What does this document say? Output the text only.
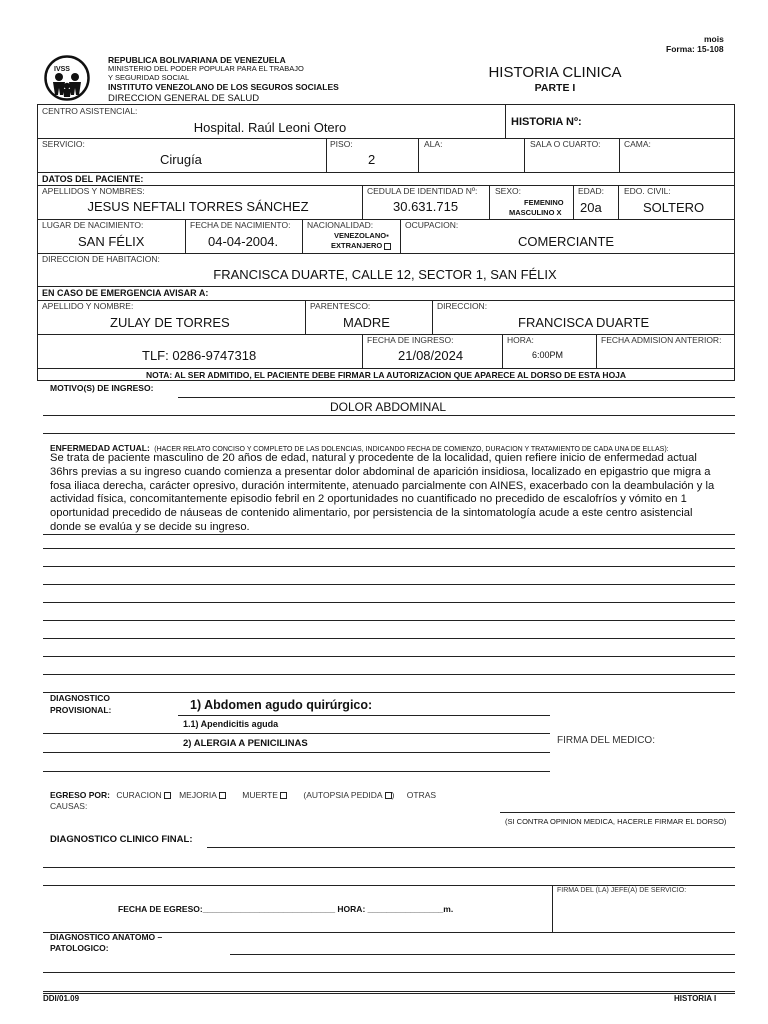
mois
Forma: 15-108
IVSS
REPUBLICA BOLIVARIANA DE VENEZUELA
MINISTERIO DEL PODER POPULAR PARA EL TRABAJO
Y SEGURIDAD SOCIAL
INSTITUTO VENEZOLANO DE LOS SEGUROS SOCIALES
DIRECCION GENERAL DE SALUD
HISTORIA CLINICA
PARTE I
CENTRO ASISTENCIAL:
Hospital. Raúl Leoni Otero	HISTORIA Nº:
SERVICIO:
Cirugía
PISO:
2
ALA:	SALA O CUARTO:	CAMA:
DATOS DEL PACIENTE:
APELLIDOS Y NOMBRES:
JESUS NEFTALI TORRES SÁNCHEZ
CEDULA DE IDENTIDAD Nº:
30.631.715
SEXO:
FEMENINO
MASCULINO X
EDAD:
20a
EDO. CIVIL:
SOLTERO
LUGAR DE NACIMIENTO:
SAN FÉLIX
FECHA DE NACIMIENTO:
04-04-2004.
NACIONALIDAD:
VENEZOLANO▪
EXTRANJERO
OCUPACION:
COMERCIANTE
DIRECCION DE HABITACION:
FRANCISCA DUARTE, CALLE 12, SECTOR 1, SAN FÉLIX
EN CASO DE EMERGENCIA AVISAR A:
APELLIDO Y NOMBRE:
ZULAY DE TORRES
PARENTESCO:
MADRE
DIRECCION:
FRANCISCA DUARTE
TLF: 0286-9747318
FECHA DE INGRESO:
21/08/2024
HORA:
6:00PM
FECHA ADMISION ANTERIOR:
NOTA: AL SER ADMITIDO, EL PACIENTE DEBE FIRMAR LA AUTORIZACION QUE APARECE AL DORSO DE ESTA HOJA
MOTIVO(S) DE INGRESO:
DOLOR ABDOMINAL
ENFERMEDAD ACTUAL: (HACER RELATO CONCISO Y COMPLETO DE LAS DOLENCIAS, INDICANDO FECHA DE COMIENZO, DURACION Y TRATAMIENTO DE CADA UNA DE ELLAS):
Se trata de paciente masculino de 20 años de edad, natural y procedente de la localidad, quien refiere inicio de enfermedad actual
36hrs previas a su ingreso cuando comienza a presentar dolor abdominal de aparición insidiosa, localizado en epigastrio que migra a
fosa iliaca derecha, carácter opresivo, duración intermitente, atenuado parcialmente con AINES, exacerbado con la deambulación y la
actividad física, concomitantemente episodio febril en 2 oportunidades no cuantificado no precedido de escalofríos y vómito en 1
oportunidad precedido de náuseas de contenido alimentario, por persistencia de la sintomatología acude a este centro asistencial
donde se evalúa y se decide su ingreso.
DIAGNOSTICO
PROVISIONAL:	1) Abdomen agudo quirúrgico:
1.1) Apendicitis aguda
2) ALERGIA A PENICILINAS	FIRMA DEL MEDICO:
EGRESO POR: CURACION MEJORIA	MUERTE	(AUTOPSIA PEDIDA ) OTRAS
CAUSAS:
(SI CONTRA OPINION MEDICA, HACERLE FIRMAR EL DORSO)
DIAGNOSTICO CLINICO FINAL:
FIRMA DEL (LA) JEFE(A) DE SERVICIO:
FECHA DE EGRESO:____________________________ HORA: ________________m.
DIAGNOSTICO ANATOMO –
PATOLOGICO:
DDI/01.09	HISTORIA I
